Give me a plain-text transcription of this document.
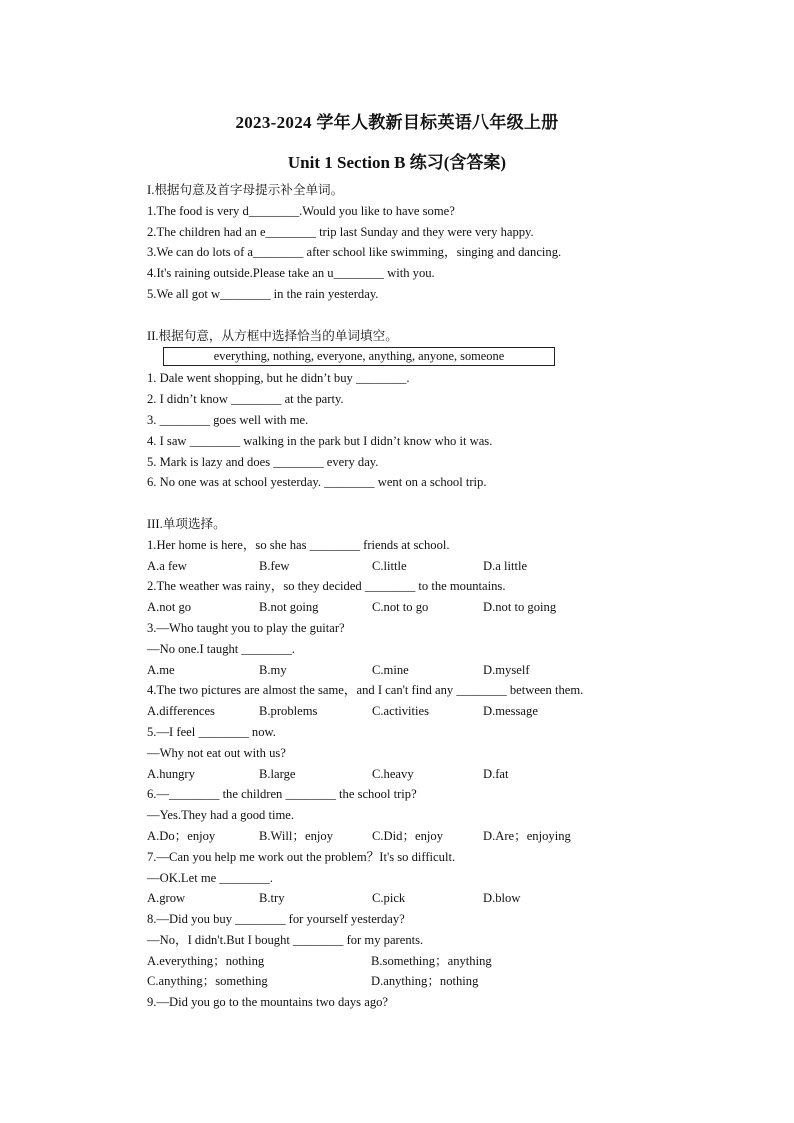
2023-2024 学年人教新目标英语八年级上册
Unit 1 Section B 练习(含答案)
I.根据句意及首字母提示补全单词。
1.The food is very d________.Would you like to have some?
2.The children had an e________ trip last Sunday and they were very happy.
3.We can do lots of a________ after school like swimming，singing and dancing.
4.It's raining outside.Please take an u________ with you.
5.We all got w________ in the rain yesterday.
II.根据句意，从方框中选择恰当的单词填空。
everything, nothing, everyone, anything, anyone, someone
1. Dale went shopping, but he didn’t buy ________.
2. I didn’t know ________ at the party.
3. ________ goes well with me.
4. I saw ________ walking in the park but I didn’t know who it was.
5. Mark is lazy and does ________ every day.
6. No one was at school yesterday. ________ went on a school trip.
III.单项选择。
1.Her home is here，so she has ________ friends at school.
A.a few	B.few	C.little	D.a little
2.The weather was rainy，so they decided ________ to the mountains.
A.not go	B.not going	C.not to go	D.not to going
3.—Who taught you to play the guitar?
—No one.I taught ________.
A.me	B.my	C.mine	D.myself
4.The two pictures are almost the same，and I can't find any ________ between them.
A.differences	B.problems	C.activities	D.message
5.—I feel ________ now.
—Why not eat out with us?
A.hungry	B.large	C.heavy	D.fat
6.—________ the children ________ the school trip?
—Yes.They had a good time.
A.Do；enjoy	B.Will；enjoy	C.Did；enjoy	D.Are；enjoying
7.—Can you help me work out the problem？It's so difficult.
—OK.Let me ________.
A.grow	B.try	C.pick	D.blow
8.—Did you buy ________ for yourself yesterday?
—No，I didn't.But I bought ________ for my parents.
A.everything；nothing	B.something；anything
C.anything；something	D.anything；nothing
9.—Did you go to the mountains two days ago?
